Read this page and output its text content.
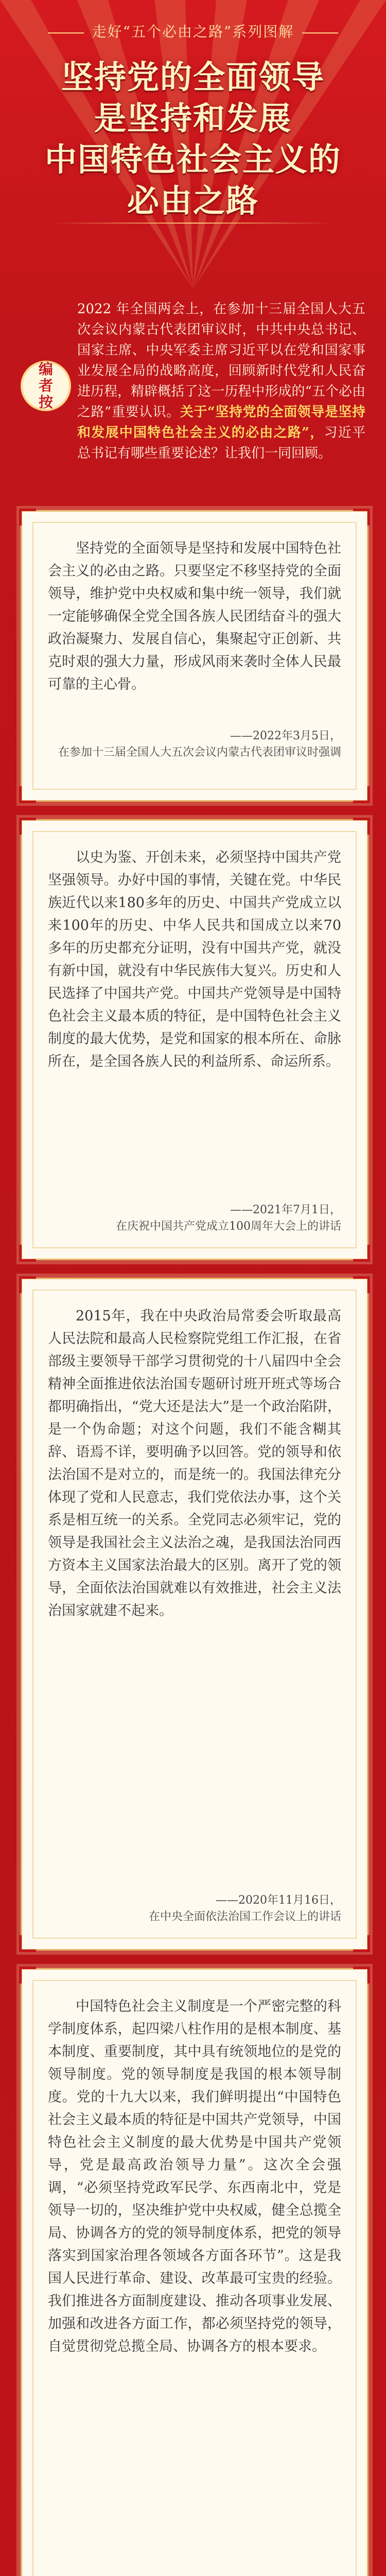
走好“五个必由之路”系列图解
坚持党的全面领导
是坚持和发展
中国特色社会主义的
必由之路
编
者
按
2022 年全国两会上，在参加十三届全国人大五次会议内蒙古代表团审议时，中共中央总书记、国家主席、中央军委主席习近平以在党和国家事业发展全局的战略高度，回顾新时代党和人民奋进历程，精辟概括了这一历程中形成的“五个必由之路”重要认识。关于“坚持党的全面领导是坚持和发展中国特色社会主义的必由之路”，习近平总书记有哪些重要论述？让我们一同回顾。

坚持党的全面领导是坚持和发展中国特色社会主义的必由之路。只要坚定不移坚持党的全面领导，维护党中央权威和集中统一领导，我们就一定能够确保全党全国各族人民团结奋斗的强大政治凝聚力、发展自信心，集聚起守正创新、共克时艰的强大力量，形成风雨来袭时全体人民最可靠的主心骨。

——2022年3月5日，
在参加十三届全国人大五次会议内蒙古代表团审议时强调

以史为鉴、开创未来，必须坚持中国共产党坚强领导。办好中国的事情，关键在党。中华民族近代以来180多年的历史、中国共产党成立以来100年的历史、中华人民共和国成立以来70多年的历史都充分证明，没有中国共产党，就没有新中国，就没有中华民族伟大复兴。历史和人民选择了中国共产党。中国共产党领导是中国特色社会主义最本质的特征，是中国特色社会主义制度的最大优势，是党和国家的根本所在、命脉所在，是全国各族人民的利益所系、命运所系。

——2021年7月1日，
在庆祝中国共产党成立100周年大会上的讲话

2015年，我在中央政治局常委会听取最高人民法院和最高人民检察院党组工作汇报，在省部级主要领导干部学习贯彻党的十八届四中全会精神全面推进依法治国专题研讨班开班式等场合都明确指出，“党大还是法大”是一个政治陷阱，是一个伪命题；对这个问题，我们不能含糊其辞、语焉不详，要明确予以回答。党的领导和依法治国不是对立的，而是统一的。我国法律充分体现了党和人民意志，我们党依法办事，这个关系是相互统一的关系。全党同志必须牢记，党的领导是我国社会主义法治之魂，是我国法治同西方资本主义国家法治最大的区别。离开了党的领导，全面依法治国就难以有效推进，社会主义法治国家就建不起来。

——2020年11月16日，
在中央全面依法治国工作会议上的讲话

中国特色社会主义制度是一个严密完整的科学制度体系，起四梁八柱作用的是根本制度、基本制度、重要制度，其中具有统领地位的是党的领导制度。党的领导制度是我国的根本领导制度。党的十九大以来，我们鲜明提出“中国特色社会主义最本质的特征是中国共产党领导，中国特色社会主义制度的最大优势是中国共产党领导，党是最高政治领导力量”。这次全会强调，“必须坚持党政军民学、东西南北中，党是领导一切的，坚决维护党中央权威，健全总揽全局、协调各方的党的领导制度体系，把党的领导落实到国家治理各领域各方面各环节”。这是我国人民进行革命、建设、改革最可宝贵的经验。我们推进各方面制度建设、推动各项事业发展、加强和改进各方面工作，都必须坚持党的领导，自觉贯彻党总揽全局、协调各方的根本要求。
